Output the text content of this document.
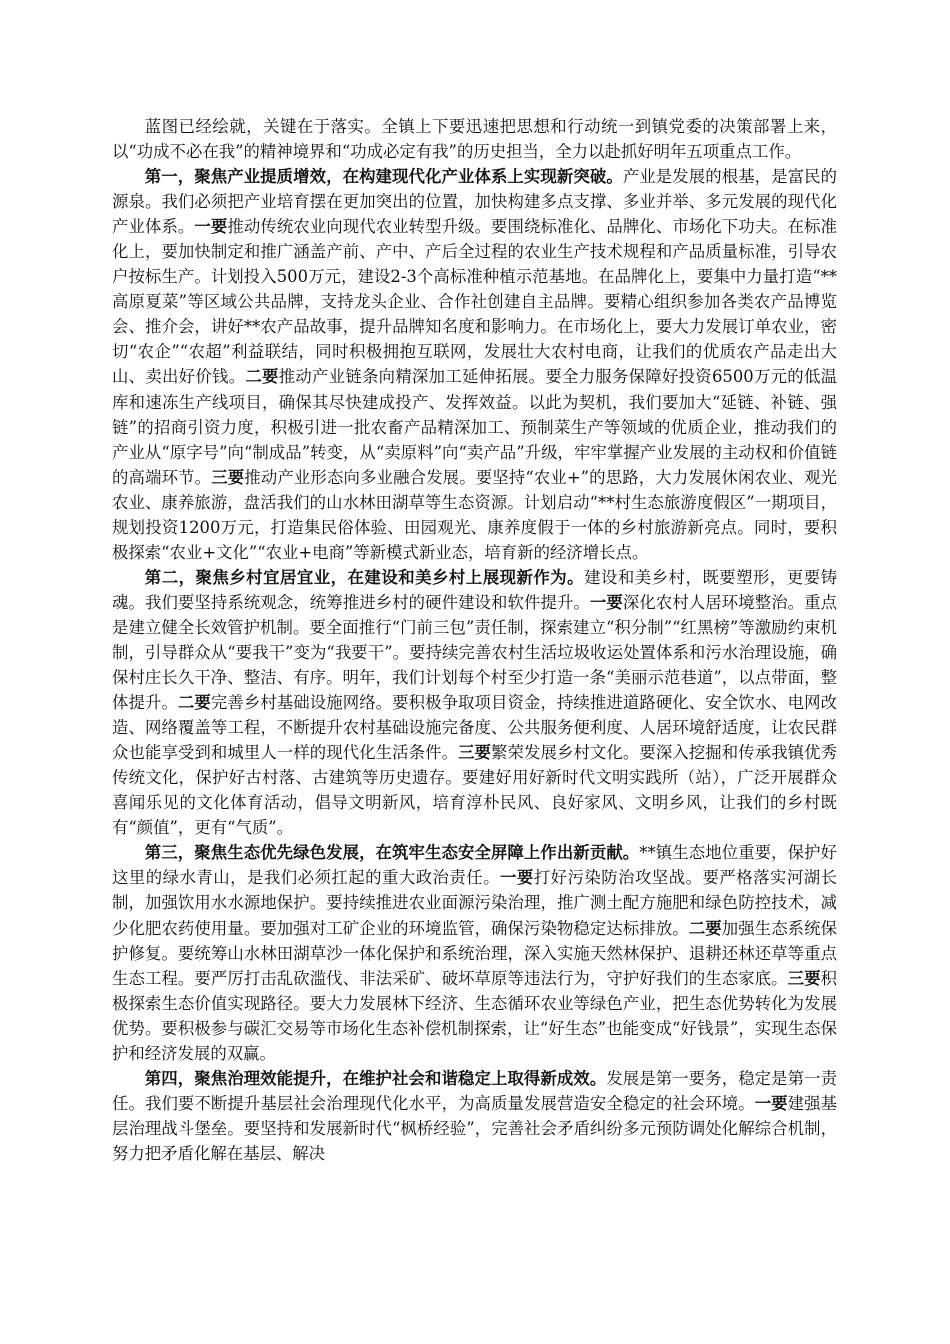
蓝图已经绘就，关键在于落实。全镇上下要迅速把思想和行动统一到镇党委的决策部署上来，以“功成不必在我”的精神境界和“功成必定有我”的历史担当，全力以赴抓好明年五项重点工作。

第一，聚焦产业提质增效，在构建现代化产业体系上实现新突破。产业是发展的根基，是富民的源泉。我们必须把产业培育摆在更加突出的位置，加快构建多点支撑、多业并举、多元发展的现代化产业体系。一要推动传统农业向现代农业转型升级。要围绕标准化、品牌化、市场化下功夫。在标准化上，要加快制定和推广涵盖产前、产中、产后全过程的农业生产技术规程和产品质量标准，引导农户按标生产。计划投入500万元，建设2-3个高标准种植示范基地。在品牌化上，要集中力量打造“**高原夏菜”等区域公共品牌，支持龙头企业、合作社创建自主品牌。要精心组织参加各类农产品博览会、推介会，讲好**农产品故事，提升品牌知名度和影响力。在市场化上，要大力发展订单农业，密切“农企”“农超”利益联结，同时积极拥抱互联网，发展壮大农村电商，让我们的优质农产品走出大山、卖出好价钱。二要推动产业链条向精深加工延伸拓展。要全力服务保障好投资6500万元的低温库和速冻生产线项目，确保其尽快建成投产、发挥效益。以此为契机，我们要加大“延链、补链、强链”的招商引资力度，积极引进一批农畜产品精深加工、预制菜生产等领域的优质企业，推动我们的产业从“原字号”向“制成品”转变，从“卖原料”向“卖产品”升级，牢牢掌握产业发展的主动权和价值链的高端环节。三要推动产业形态向多业融合发展。要坚持“农业+”的思路，大力发展休闲农业、观光农业、康养旅游，盘活我们的山水林田湖草等生态资源。计划启动“**村生态旅游度假区”一期项目，规划投资1200万元，打造集民俗体验、田园观光、康养度假于一体的乡村旅游新亮点。同时，要积极探索“农业+文化”“农业+电商”等新模式新业态，培育新的经济增长点。

第二，聚焦乡村宜居宜业，在建设和美乡村上展现新作为。建设和美乡村，既要塑形，更要铸魂。我们要坚持系统观念，统筹推进乡村的硬件建设和软件提升。一要深化农村人居环境整治。重点是建立健全长效管护机制。要全面推行“门前三包”责任制，探索建立“积分制”“红黑榜”等激励约束机制，引导群众从“要我干”变为“我要干”。要持续完善农村生活垃圾收运处置体系和污水治理设施，确保村庄长久干净、整洁、有序。明年，我们计划每个村至少打造一条“美丽示范巷道”，以点带面，整体提升。二要完善乡村基础设施网络。要积极争取项目资金，持续推进道路硬化、安全饮水、电网改造、网络覆盖等工程，不断提升农村基础设施完备度、公共服务便利度、人居环境舒适度，让农民群众也能享受到和城里人一样的现代化生活条件。三要繁荣发展乡村文化。要深入挖掘和传承我镇优秀传统文化，保护好古村落、古建筑等历史遗存。要建好用好新时代文明实践所（站），广泛开展群众喜闻乐见的文化体育活动，倡导文明新风，培育淳朴民风、良好家风、文明乡风，让我们的乡村既有“颜值”，更有“气质”。

第三，聚焦生态优先绿色发展，在筑牢生态安全屏障上作出新贡献。**镇生态地位重要，保护好这里的绿水青山，是我们必须扛起的重大政治责任。一要打好污染防治攻坚战。要严格落实河湖长制，加强饮用水水源地保护。要持续推进农业面源污染治理，推广测土配方施肥和绿色防控技术，减少化肥农药使用量。要加强对工矿企业的环境监管，确保污染物稳定达标排放。二要加强生态系统保护修复。要统筹山水林田湖草沙一体化保护和系统治理，深入实施天然林保护、退耕还林还草等重点生态工程。要严厉打击乱砍滥伐、非法采矿、破坏草原等违法行为，守护好我们的生态家底。三要积极探索生态价值实现路径。要大力发展林下经济、生态循环农业等绿色产业，把生态优势转化为发展优势。要积极参与碳汇交易等市场化生态补偿机制探索，让“好生态”也能变成“好钱景”，实现生态保护和经济发展的双赢。

第四，聚焦治理效能提升，在维护社会和谐稳定上取得新成效。发展是第一要务，稳定是第一责任。我们要不断提升基层社会治理现代化水平，为高质量发展营造安全稳定的社会环境。一要建强基层治理战斗堡垒。要坚持和发展新时代“枫桥经验”，完善社会矛盾纠纷多元预防调处化解综合机制，努力把矛盾化解在基层、解决
